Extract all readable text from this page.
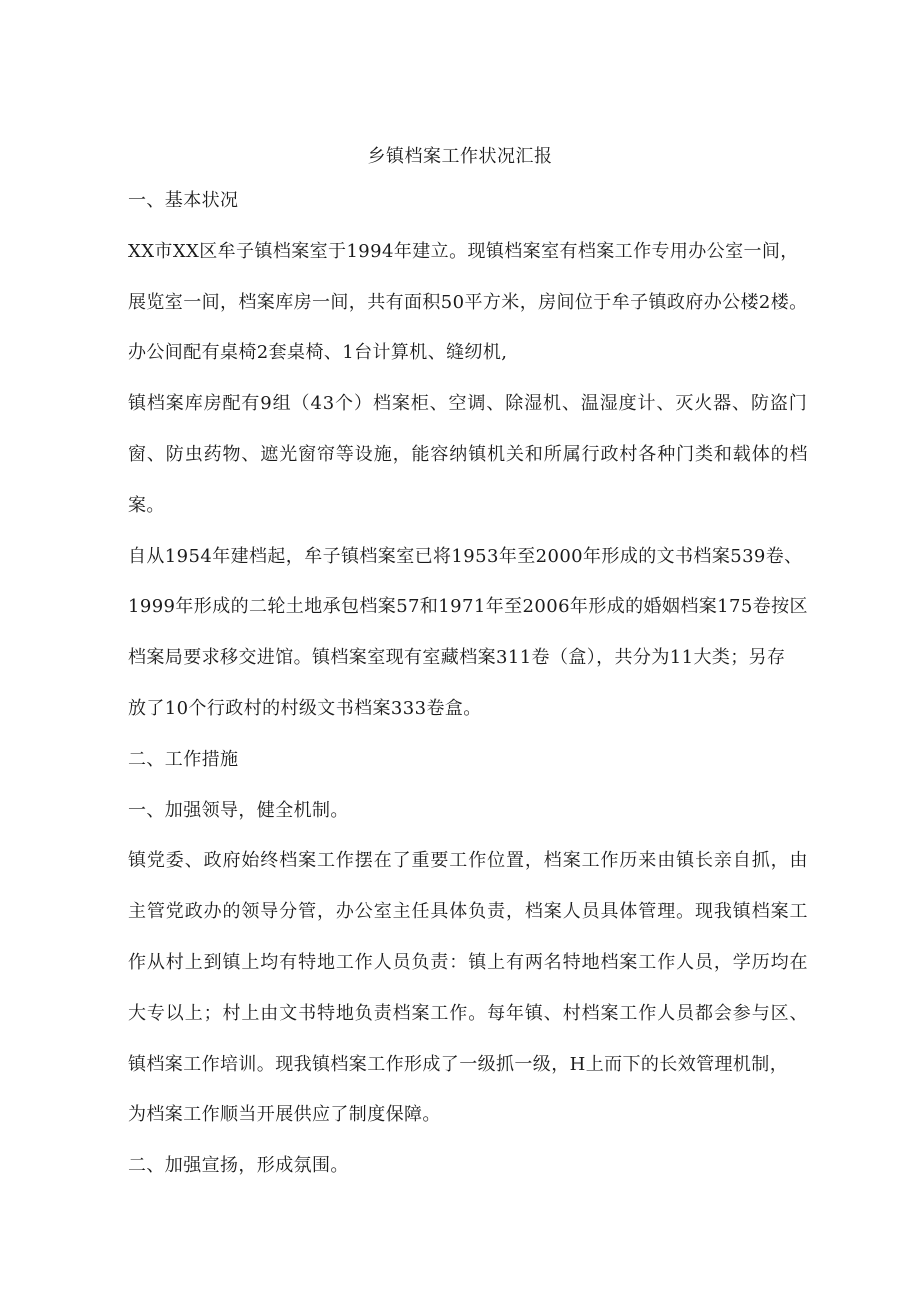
乡镇档案工作状况汇报
一、基本状况
XX市XX区牟子镇档案室于1994年建立。现镇档案室有档案工作专用办公室一间，
展览室一间，档案库房一间，共有面积50平方米，房间位于牟子镇政府办公楼2楼。
办公间配有桌椅2套桌椅、1台计算机、缝纫机,
镇档案库房配有9组（43个）档案柜、空调、除湿机、温湿度计、灭火器、防盗门
窗、防虫药物、遮光窗帘等设施，能容纳镇机关和所属行政村各种门类和载体的档
案。
自从1954年建档起，牟子镇档案室已将1953年至2000年形成的文书档案539卷、
1999年形成的二轮土地承包档案57和1971年至2006年形成的婚姻档案175卷按区
档案局要求移交进馆。镇档案室现有室藏档案311卷（盒），共分为11大类；另存
放了10个行政村的村级文书档案333卷盒。
二、工作措施
一、加强领导，健全机制。
镇党委、政府始终档案工作摆在了重要工作位置，档案工作历来由镇长亲自抓，由
主管党政办的领导分管，办公室主任具体负责，档案人员具体管理。现我镇档案工
作从村上到镇上均有特地工作人员负责：镇上有两名特地档案工作人员，学历均在
大专以上；村上由文书特地负责档案工作。每年镇、村档案工作人员都会参与区、
镇档案工作培训。现我镇档案工作形成了一级抓一级，H上而下的长效管理机制，
为档案工作顺当开展供应了制度保障。
二、加强宣扬，形成氛围。
